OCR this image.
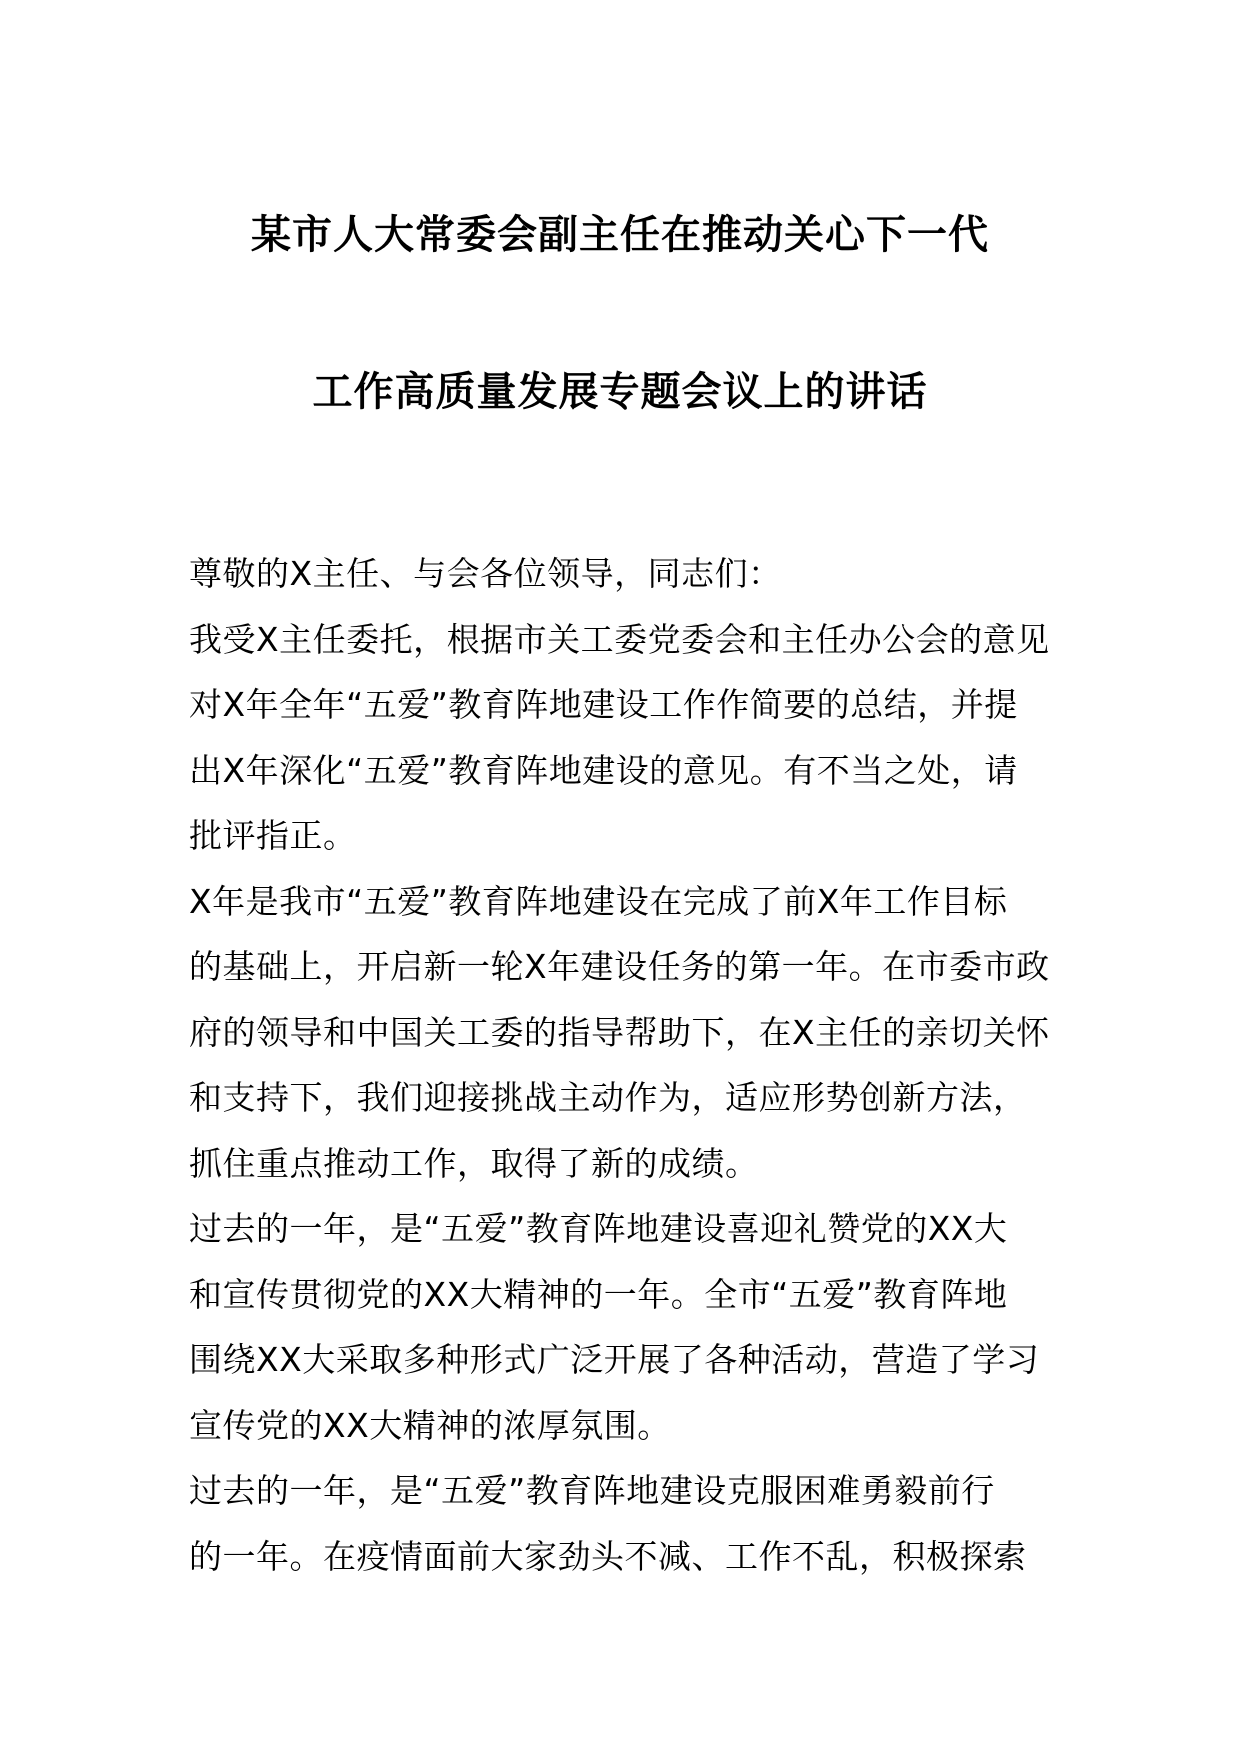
某市人大常委会副主任在推动关心下一代
工作高质量发展专题会议上的讲话
尊敬的X主任、与会各位领导，同志们：
我受X主任委托，根据市关工委党委会和主任办公会的意见
对X年全年“五爱”教育阵地建设工作作简要的总结，并提
出X年深化“五爱”教育阵地建设的意见。有不当之处，请
批评指正。
X年是我市“五爱”教育阵地建设在完成了前X年工作目标
的基础上，开启新一轮X年建设任务的第一年。在市委市政
府的领导和中国关工委的指导帮助下，在X主任的亲切关怀
和支持下，我们迎接挑战主动作为，适应形势创新方法，
抓住重点推动工作，取得了新的成绩。
过去的一年，是“五爱”教育阵地建设喜迎礼赞党的XX大
和宣传贯彻党的XX大精神的一年。全市“五爱”教育阵地
围绕XX大采取多种形式广泛开展了各种活动，营造了学习
宣传党的XX大精神的浓厚氛围。
过去的一年，是“五爱”教育阵地建设克服困难勇毅前行
的一年。在疫情面前大家劲头不减、工作不乱，积极探索
